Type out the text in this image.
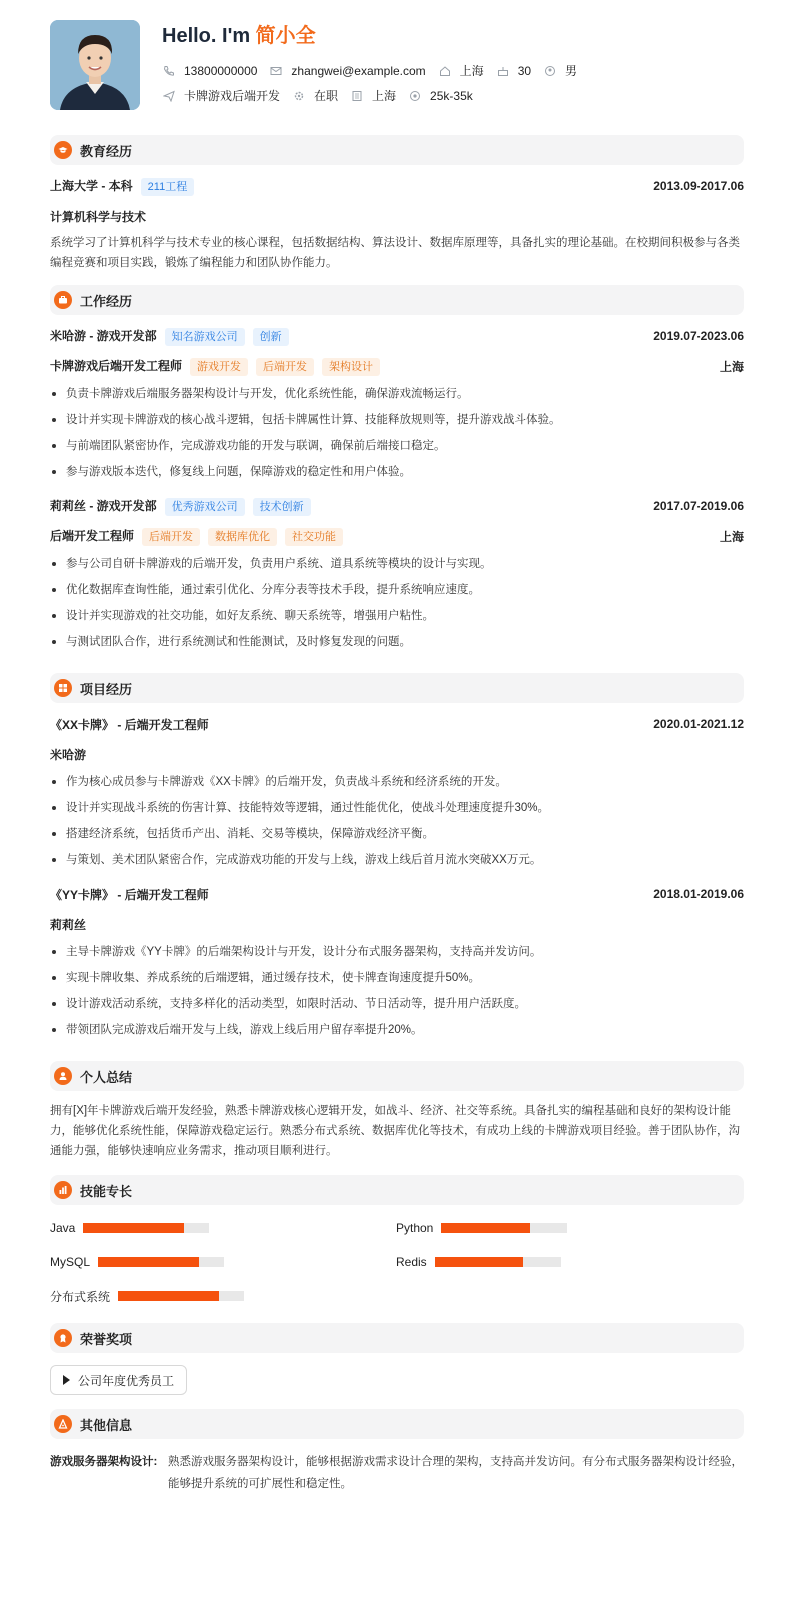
Hello. I'm 简小全
13800000000	zhangwei@example.com	上海	30	男
卡牌游戏后端开发	在职	上海	25k-35k
教育经历
上海大学 - 本科 211工程	2013.09-2017.06
计算机科学与技术
系统学习了计算机科学与技术专业的核心课程，包括数据结构、算法设计、数据库原理等，具备扎实的理论基础。在校期间积极参与各类编程竞赛和项目实践，锻炼了编程能力和团队协作能力。
工作经历
米哈游 - 游戏开发部 知名游戏公司 创新	2019.07-2023.06
卡牌游戏后端开发工程师 游戏开发 后端开发 架构设计	上海
负责卡牌游戏后端服务器架构设计与开发，优化系统性能，确保游戏流畅运行。
设计并实现卡牌游戏的核心战斗逻辑，包括卡牌属性计算、技能释放规则等，提升游戏战斗体验。
与前端团队紧密协作，完成游戏功能的开发与联调，确保前后端接口稳定。
参与游戏版本迭代，修复线上问题，保障游戏的稳定性和用户体验。
莉莉丝 - 游戏开发部 优秀游戏公司 技术创新	2017.07-2019.06
后端开发工程师 后端开发 数据库优化 社交功能	上海
参与公司自研卡牌游戏的后端开发，负责用户系统、道具系统等模块的设计与实现。
优化数据库查询性能，通过索引优化、分库分表等技术手段，提升系统响应速度。
设计并实现游戏的社交功能，如好友系统、聊天系统等，增强用户粘性。
与测试团队合作，进行系统测试和性能测试，及时修复发现的问题。
项目经历
《XX卡牌》 - 后端开发工程师	2020.01-2021.12
米哈游
作为核心成员参与卡牌游戏《XX卡牌》的后端开发，负责战斗系统和经济系统的开发。
设计并实现战斗系统的伤害计算、技能特效等逻辑，通过性能优化，使战斗处理速度提升30%。
搭建经济系统，包括货币产出、消耗、交易等模块，保障游戏经济平衡。
与策划、美术团队紧密合作，完成游戏功能的开发与上线，游戏上线后首月流水突破XX万元。
《YY卡牌》 - 后端开发工程师	2018.01-2019.06
莉莉丝
主导卡牌游戏《YY卡牌》的后端架构设计与开发，设计分布式服务器架构，支持高并发访问。
实现卡牌收集、养成系统的后端逻辑，通过缓存技术，使卡牌查询速度提升50%。
设计游戏活动系统，支持多样化的活动类型，如限时活动、节日活动等，提升用户活跃度。
带领团队完成游戏后端开发与上线，游戏上线后用户留存率提升20%。
个人总结
拥有[X]年卡牌游戏后端开发经验，熟悉卡牌游戏核心逻辑开发，如战斗、经济、社交等系统。具备扎实的编程基础和良好的架构设计能力，能够优化系统性能，保障游戏稳定运行。熟悉分布式系统、数据库优化等技术，有成功上线的卡牌游戏项目经验。善于团队协作，沟通能力强，能够快速响应业务需求，推动项目顺利进行。
技能专长
Java	Python
MySQL	Redis
分布式系统
荣誉奖项
公司年度优秀员工
其他信息
游戏服务器架构设计: 熟悉游戏服务器架构设计，能够根据游戏需求设计合理的架构，支持高并发访问。有分布式服务器架构设计经验，能够提升系统的可扩展性和稳定性。
